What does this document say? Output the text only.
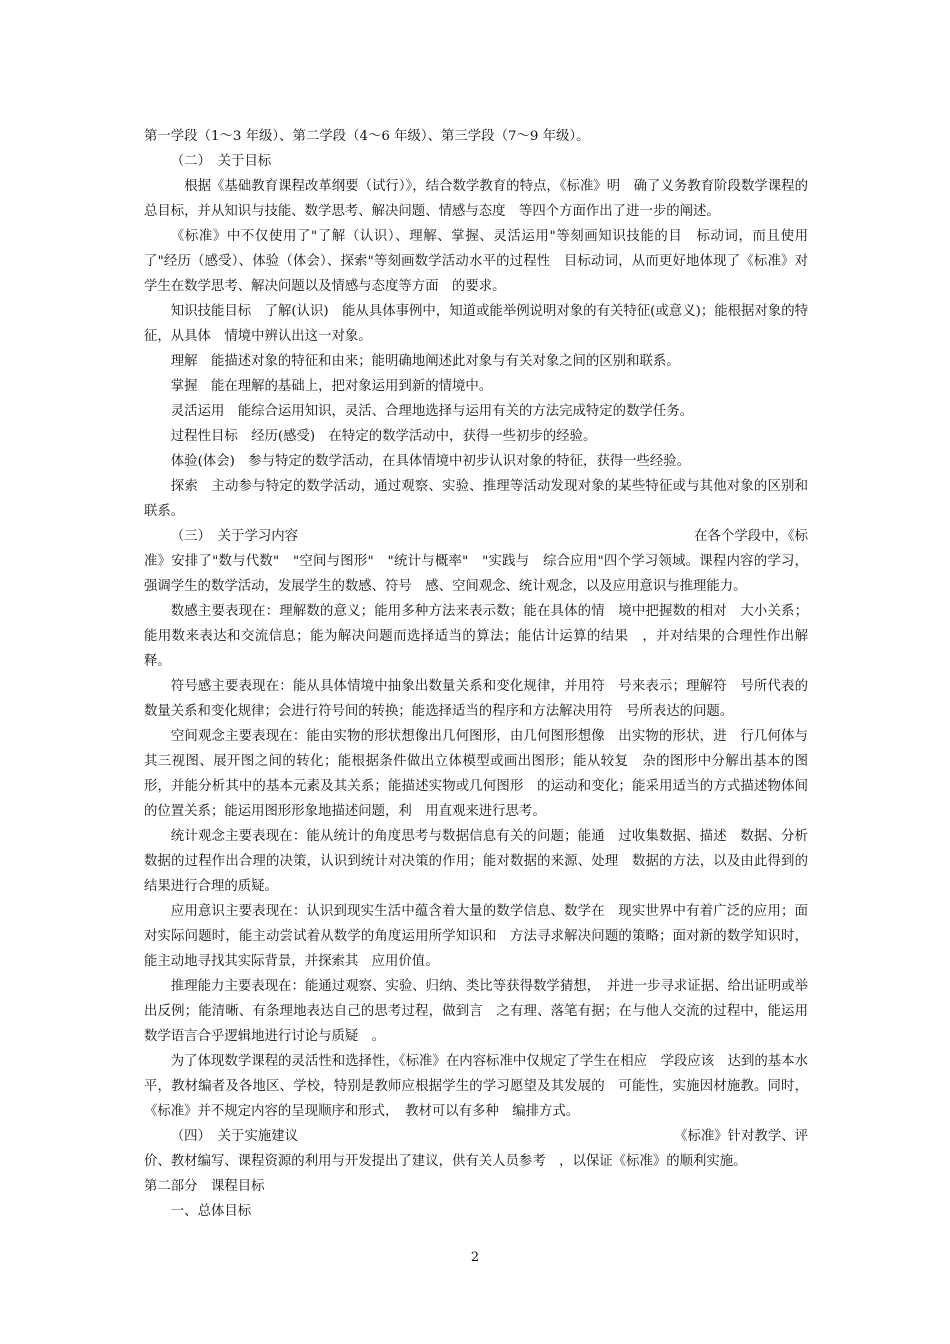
第一学段（1～3 年级）、第二学段（4～6 年级）、第三学段（7～9 年级）。

（二）　关于目标

根据《基础教育课程改革纲要（试行）》，结合数学教育的特点，《标准》明　确了义务教育阶段数学课程的总目标，并从知识与技能、数学思考、解决问题、情感与态度　等四个方面作出了进一步的阐述。

《标准》中不仅使用了"了解（认识）、理解、掌握、灵活运用"等刻画知识技能的目　标动词，而且使用了"经历（感受）、体验（体会）、探索"等刻画数学活动水平的过程性　目标动词，从而更好地体现了《标准》对学生在数学思考、解决问题以及情感与态度等方面　的要求。

知识技能目标　了解(认识)　能从具体事例中，知道或能举例说明对象的有关特征(或意义)；能根据对象的特征，从具体　情境中辨认出这一对象。

理解　能描述对象的特征和由来；能明确地阐述此对象与有关对象之间的区别和联系。

掌握　能在理解的基础上，把对象运用到新的情境中。

灵活运用　能综合运用知识，灵活、合理地选择与运用有关的方法完成特定的数学任务。

过程性目标　经历(感受)　在特定的数学活动中，获得一些初步的经验。

体验(体会)　参与特定的数学活动，在具体情境中初步认识对象的特征，获得一些经验。

探索　主动参与特定的数学活动，通过观察、实验、推理等活动发现对象的某些特征或与其他对象的区别和联系。

（三）　关于学习内容	在各个学段中，《标

准》安排了"数与代数"　"空间与图形"　"统计与概率"　"实践与　综合应用"四个学习领域。课程内容的学习，强调学生的数学活动，发展学生的数感、符号　感、空间观念、统计观念，以及应用意识与推理能力。

数感主要表现在：理解数的意义；能用多种方法来表示数；能在具体的情　境中把握数的相对　大小关系；能用数来表达和交流信息；能为解决问题而选择适当的算法；能估计运算的结果　，并对结果的合理性作出解释。

符号感主要表现在：能从具体情境中抽象出数量关系和变化规律，并用符　号来表示；理解符　号所代表的数量关系和变化规律；会进行符号间的转换；能选择适当的程序和方法解决用符　号所表达的问题。

空间观念主要表现在：能由实物的形状想像出几何图形，由几何图形想像　出实物的形状，进　行几何体与其三视图、展开图之间的转化；能根据条件做出立体模型或画出图形；能从较复　杂的图形中分解出基本的图形，并能分析其中的基本元素及其关系；能描述实物或几何图形　的运动和变化；能采用适当的方式描述物体间的位置关系；能运用图形形象地描述问题，利　用直观来进行思考。

统计观念主要表现在：能从统计的角度思考与数据信息有关的问题；能通　过收集数据、描述　数据、分析数据的过程作出合理的决策，认识到统计对决策的作用；能对数据的来源、处理　数据的方法，以及由此得到的结果进行合理的质疑。

应用意识主要表现在：认识到现实生活中蕴含着大量的数学信息、数学在　现实世界中有着广泛的应用；面对实际问题时，能主动尝试着从数学的角度运用所学知识和　方法寻求解决问题的策略；面对新的数学知识时，能主动地寻找其实际背景，并探索其　应用价值。

推理能力主要表现在：能通过观察、实验、归纳、类比等获得数学猜想，　并进一步寻求证据、给出证明或举出反例；能清晰、有条理地表达自己的思考过程，做到言　之有理、落笔有据；在与他人交流的过程中，能运用数学语言合乎逻辑地进行讨论与质疑　。

为了体现数学课程的灵活性和选择性，《标准》在内容标准中仅规定了学生在相应　学段应该　达到的基本水平，教材编者及各地区、学校，特别是教师应根据学生的学习愿望及其发展的　可能性，实施因材施教。同时，《标准》并不规定内容的呈现顺序和形式，　教材可以有多种　编排方式。

（四）　关于实施建议	《标准》针对教学、评

价、教材编写、课程资源的利用与开发提出了建议，供有关人员参考　，以保证《标准》的顺利实施。

第二部分　课程目标

一、总体目标

2
